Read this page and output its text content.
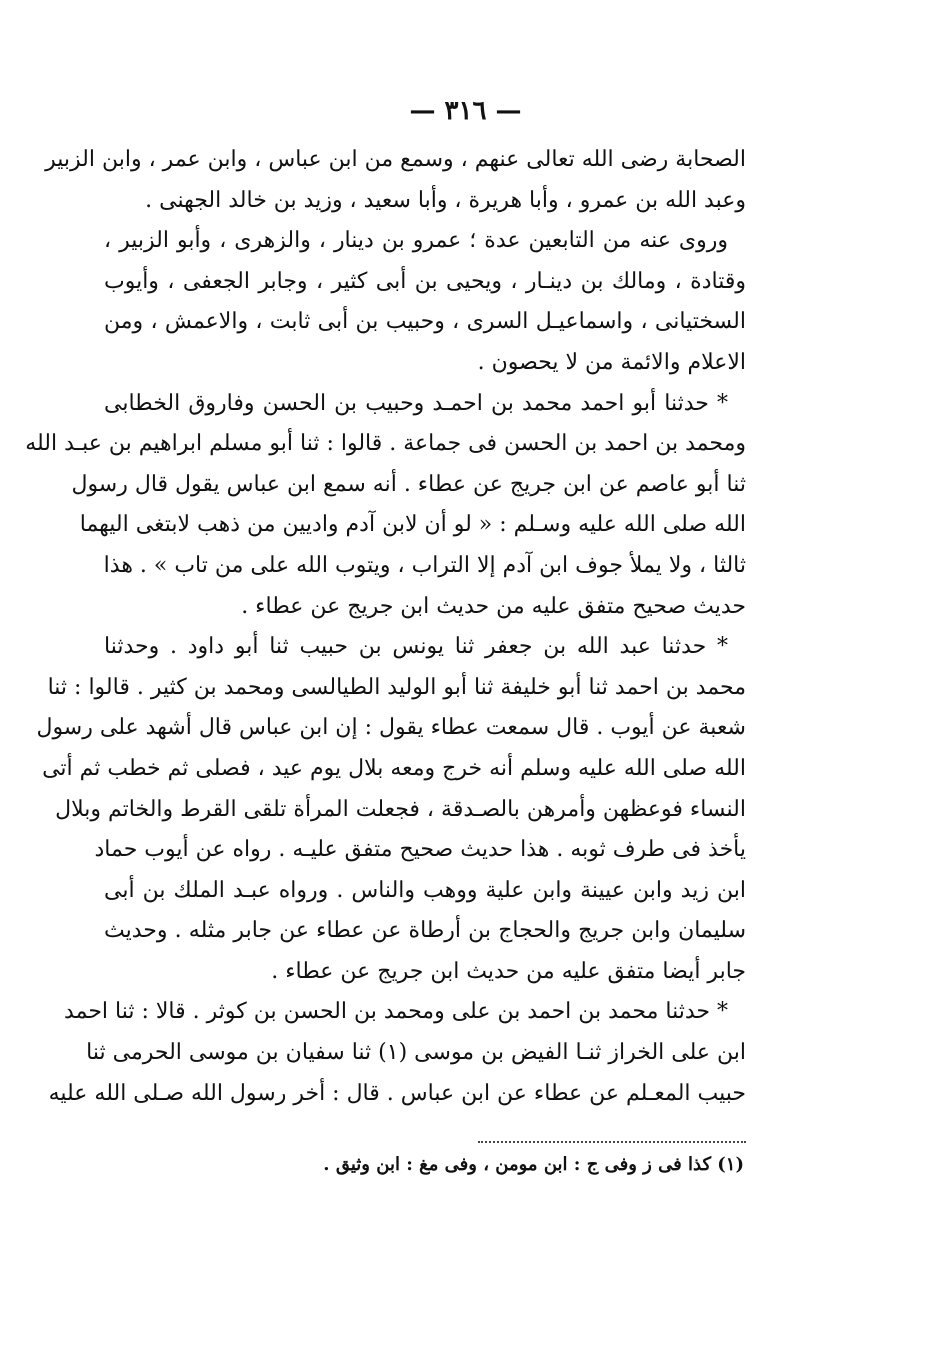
— ٣١٦ —
الصحابة رضى الله تعالى عنهم ، وسمع من ابن عباس ، وابن عمر ، وابن الزبير
وعبد الله بن عمرو ، وأبا هريرة ، وأبا سعيد ، وزيد بن خالد الجهنى .
وروى عنه من التابعين عدة ؛ عمرو بن دينار ، والزهرى ، وأبو الزبير ،
وقتادة ، ومالك بن دينـار ، ويحيى بن أبى كثير ، وجابر الجعفى ، وأيوب
السختيانى ، واسماعيـل السرى ، وحبيب بن أبى ثابت ، والاعمش ، ومن
الاعلام والائمة من لا يحصون .
* حدثنا أبو احمد محمد بن احمـد وحبيب بن الحسن وفاروق الخطابى
ومحمد بن احمد بن الحسن فى جماعة . قالوا : ثنا أبو مسلم ابراهيم بن عبـد الله
ثنا أبو عاصم عن ابن جريج عن عطاء . أنه سمع ابن عباس يقول قال رسول
الله صلى الله عليه وسـلم : « لو أن لابن آدم واديين من ذهب لابتغى اليهما
ثالثا ، ولا يملأ جوف ابن آدم إلا التراب ، ويتوب الله على من تاب » . هذا
حديث صحيح متفق عليه من حديث ابن جريج عن عطاء .
* حدثنا عبد الله بن جعفر ثنا يونس بن حبيب ثنا أبو داود . وحدثنا
محمد بن احمد ثنا أبو خليفة ثنا أبو الوليد الطيالسى ومحمد بن كثير . قالوا : ثنا
شعبة عن أيوب . قال سمعت عطاء يقول : إن ابن عباس قال أشهد على رسول
الله صلى الله عليه وسلم أنه خرج ومعه بلال يوم عيد ، فصلى ثم خطب ثم أتى
النساء فوعظهن وأمرهن بالصـدقة ، فجعلت المرأة تلقى القرط والخاتم وبلال
يأخذ فى طرف ثوبه . هذا حديث صحيح متفق عليـه . رواه عن أيوب حماد
ابن زيد وابن عيينة وابن علية ووهب والناس . ورواه عبـد الملك بن أبى
سليمان وابن جريج والحجاج بن أرطاة عن عطاء عن جابر مثله . وحديث
جابر أيضا متفق عليه من حديث ابن جريج عن عطاء .
* حدثنا محمد بن احمد بن على ومحمد بن الحسن بن كوثر . قالا : ثنا احمد
ابن على الخراز ثنـا الفيض بن موسى (١) ثنا سفيان بن موسى الحرمى ثنا
حبيب المعـلم عن عطاء عن ابن عباس . قال : أخر رسول الله صـلى الله عليه
(١) كذا فى ز وفى ج : ابن مومن ، وفى مغ : ابن وثيق .
